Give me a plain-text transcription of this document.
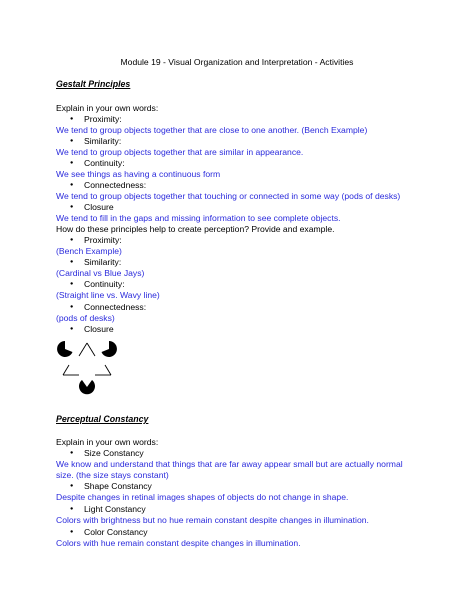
Module 19 - Visual Organization and Interpretation - Activities
Gestalt Principles
Explain in your own words:
● Proximity:
We tend to group objects together that are close to one another. (Bench Example)
● Similarity:
We tend to group objects together that are similar in appearance.
● Continuity:
We see things as having a continuous form
● Connectedness:
We tend to group objects together that touching or connected in some way (pods of desks)
● Closure
We tend to fill in the gaps and missing information to see complete objects.
How do these principles help to create perception? Provide and example.
● Proximity:
(Bench Example)
● Similarity:
(Cardinal vs Blue Jays)
● Continuity:
(Straight line vs. Wavy line)
● Connectedness:
(pods of desks)
● Closure
Perceptual Constancy
Explain in your own words:
● Size Constancy
We know and understand that things that are far away appear small but are actually normal
size. (the size stays constant)
● Shape Constancy
Despite changes in retinal images shapes of objects do not change in shape.
● Light Constancy
Colors with brightness but no hue remain constant despite changes in illumination.
● Color Constancy
Colors with hue remain constant despite changes in illumination.
